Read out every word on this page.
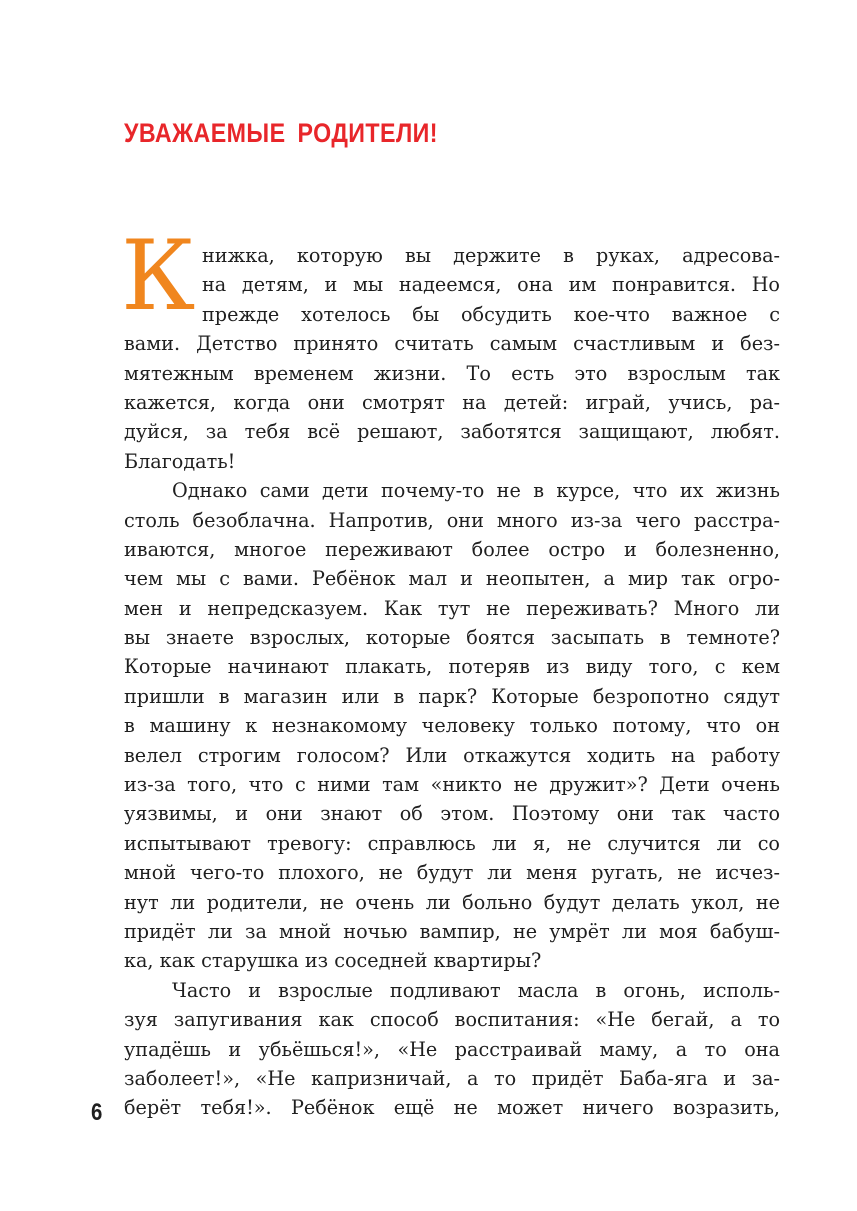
УВАЖАЕМЫЕ РОДИТЕЛИ!
К нижка, которую вы держите в руках, адресова-
на детям, и мы надеемся, она им понравится. Но
прежде хотелось бы обсудить кое-что важное с
вами. Детство принято считать самым счастливым и без-
мятежным временем жизни. То есть это взрослым так
кажется, когда они смотрят на детей: играй, учись, ра-
дуйся, за тебя всё решают, заботятся защищают, любят.
Благодать!
Однако сами дети почему-то не в курсе, что их жизнь
столь безоблачна. Напротив, они много из-за чего расстра-
иваются, многое переживают более остро и болезненно,
чем мы с вами. Ребёнок мал и неопытен, а мир так огро-
мен и непредсказуем. Как тут не переживать? Много ли
вы знаете взрослых, которые боятся засыпать в темноте?
Которые начинают плакать, потеряв из виду того, с кем
пришли в магазин или в парк? Которые безропотно сядут
в машину к незнакомому человеку только потому, что он
велел строгим голосом? Или откажутся ходить на работу
из-за того, что с ними там «никто не дружит»? Дети очень
уязвимы, и они знают об этом. Поэтому они так часто
испытывают тревогу: справлюсь ли я, не случится ли со
мной чего-то плохого, не будут ли меня ругать, не исчез-
нут ли родители, не очень ли больно будут делать укол, не
придёт ли за мной ночью вампир, не умрёт ли моя бабуш-
ка, как старушка из соседней квартиры?
Часто и взрослые подливают масла в огонь, исполь-
зуя запугивания как способ воспитания: «Не бегай, а то
упадёшь и убьёшься!», «Не расстраивай маму, а то она
заболеет!», «Не капризничай, а то придёт Баба-яга и за-
берёт тебя!». Ребёнок ещё не может ничего возразить,
6
